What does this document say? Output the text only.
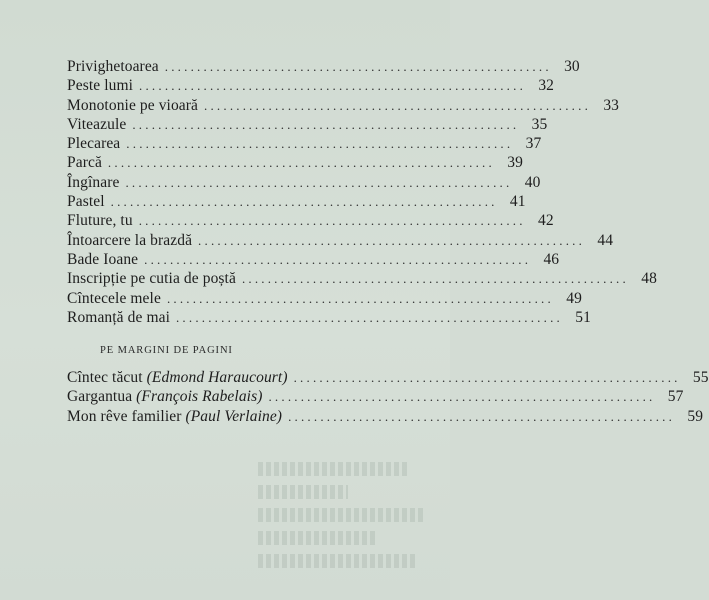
Privighetoarea ............................................................ 30
Peste lumi ............................................................ 32
Monotonie pe vioară ............................................................ 33
Viteazule ............................................................ 35
Plecarea ............................................................ 37
Parcă ............................................................ 39
Îngînare ............................................................ 40
Pastel ............................................................ 41
Fluture, tu ............................................................ 42
Întoarcere la brazdă ............................................................ 44
Bade Ioane ............................................................ 46
Inscripție pe cutia de poștă ............................................................ 48
Cîntecele mele ............................................................ 49
Romanță de mai ............................................................ 51
PE MARGINI DE PAGINI
Cîntec tăcut (Edmond Haraucourt) ............................................................ 55
Gargantua (François Rabelais) ............................................................ 57
Mon rêve familier (Paul Verlaine) ............................................................ 59
